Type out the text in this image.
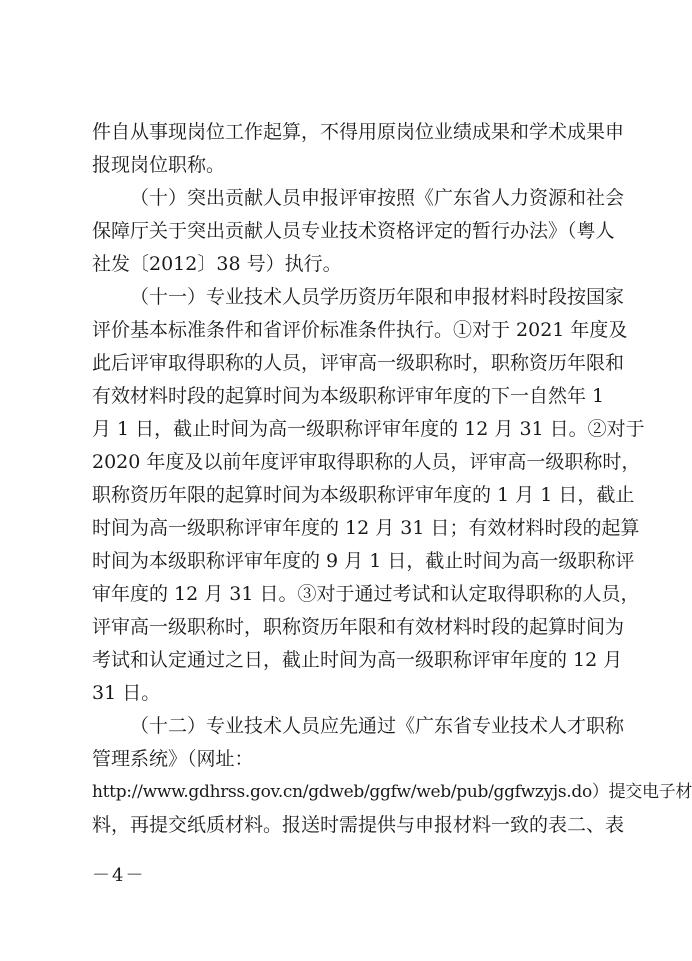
件自从事现岗位工作起算，不得用原岗位业绩成果和学术成果申
报现岗位职称。
（十）突出贡献人员申报评审按照《广东省人力资源和社会
保障厅关于突出贡献人员专业技术资格评定的暂行办法》（粤人
社发〔2012〕38 号）执行。
（十一）专业技术人员学历资历年限和申报材料时段按国家
评价基本标准条件和省评价标准条件执行。①对于 2021 年度及
此后评审取得职称的人员，评审高一级职称时，职称资历年限和
有效材料时段的起算时间为本级职称评审年度的下一自然年 1
月 1 日，截止时间为高一级职称评审年度的 12 月 31 日。②对于
2020 年度及以前年度评审取得职称的人员，评审高一级职称时，
职称资历年限的起算时间为本级职称评审年度的 1 月 1 日，截止
时间为高一级职称评审年度的 12 月 31 日；有效材料时段的起算
时间为本级职称评审年度的 9 月 1 日，截止时间为高一级职称评
审年度的 12 月 31 日。③对于通过考试和认定取得职称的人员，
评审高一级职称时，职称资历年限和有效材料时段的起算时间为
考试和认定通过之日，截止时间为高一级职称评审年度的 12 月
31 日。
（十二）专业技术人员应先通过《广东省专业技术人才职称
管理系统》（网址：
http://www.gdhrss.gov.cn/gdweb/ggfw/web/pub/ggfwzyjs.do）提交电子材
料，再提交纸质材料。报送时需提供与申报材料一致的表二、表
－4－
